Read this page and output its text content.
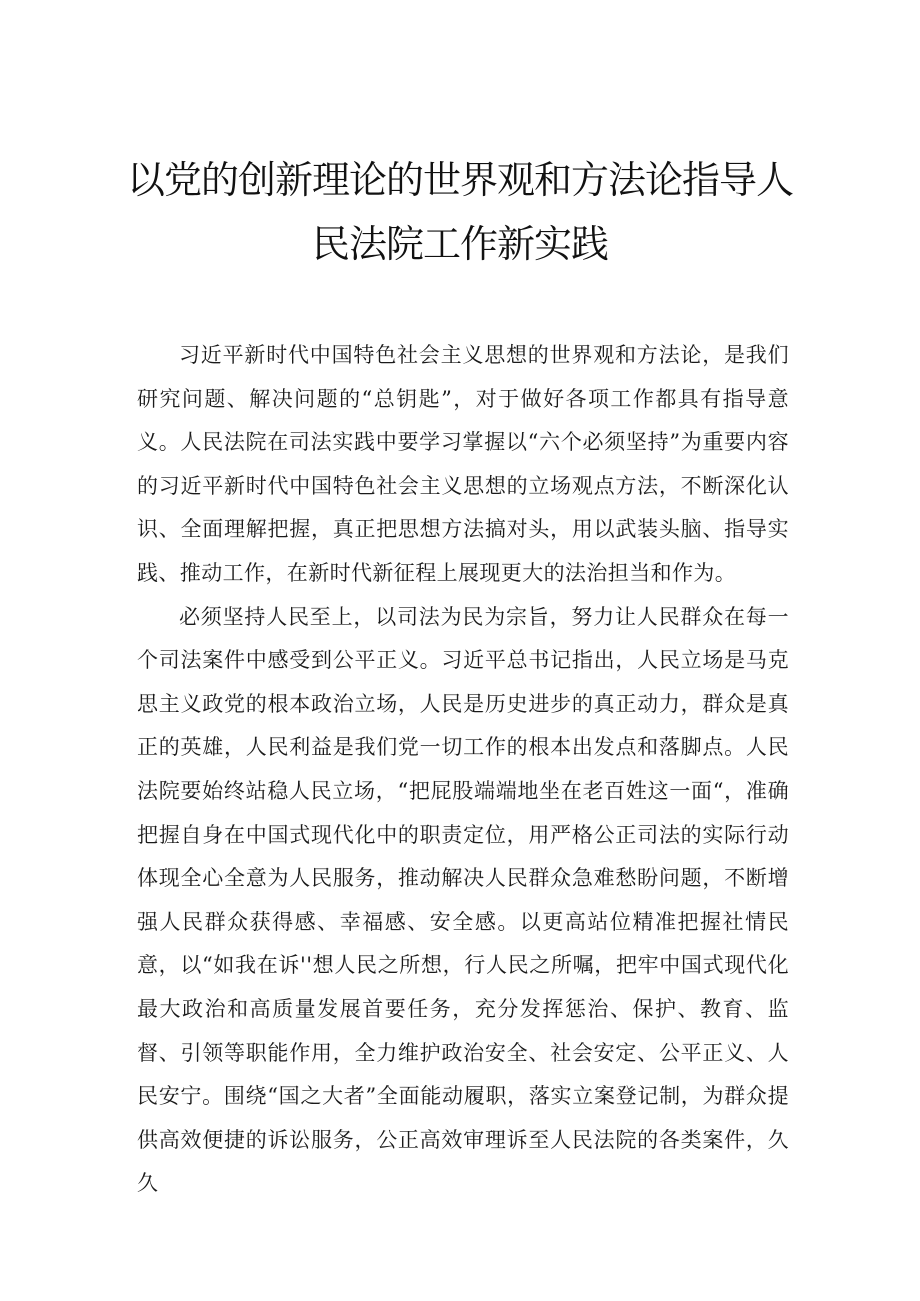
以党的创新理论的世界观和方法论指导人
民法院工作新实践

习近平新时代中国特色社会主义思想的世界观和方法论，是我们研究问题、解决问题的“总钥匙”，对于做好各项工作都具有指导意义。人民法院在司法实践中要学习掌握以“六个必须坚持”为重要内容的习近平新时代中国特色社会主义思想的立场观点方法，不断深化认识、全面理解把握，真正把思想方法搞对头，用以武装头脑、指导实践、推动工作，在新时代新征程上展现更大的法治担当和作为。

必须坚持人民至上，以司法为民为宗旨，努力让人民群众在每一个司法案件中感受到公平正义。习近平总书记指出，人民立场是马克思主义政党的根本政治立场，人民是历史进步的真正动力，群众是真正的英雄，人民利益是我们党一切工作的根本出发点和落脚点。人民法院要始终站稳人民立场，“把屁股端端地坐在老百姓这一面“，准确把握自身在中国式现代化中的职责定位，用严格公正司法的实际行动体现全心全意为人民服务，推动解决人民群众急难愁盼问题，不断增强人民群众获得感、幸福感、安全感。以更高站位精准把握社情民意，以“如我在诉''想人民之所想，行人民之所嘱，把牢中国式现代化最大政治和高质量发展首要任务，充分发挥惩治、保护、教育、监督、引领等职能作用，全力维护政治安全、社会安定、公平正义、人民安宁。围绕“国之大者”全面能动履职，落实立案登记制，为群众提供高效便捷的诉讼服务，公正高效审理诉至人民法院的各类案件，久久
